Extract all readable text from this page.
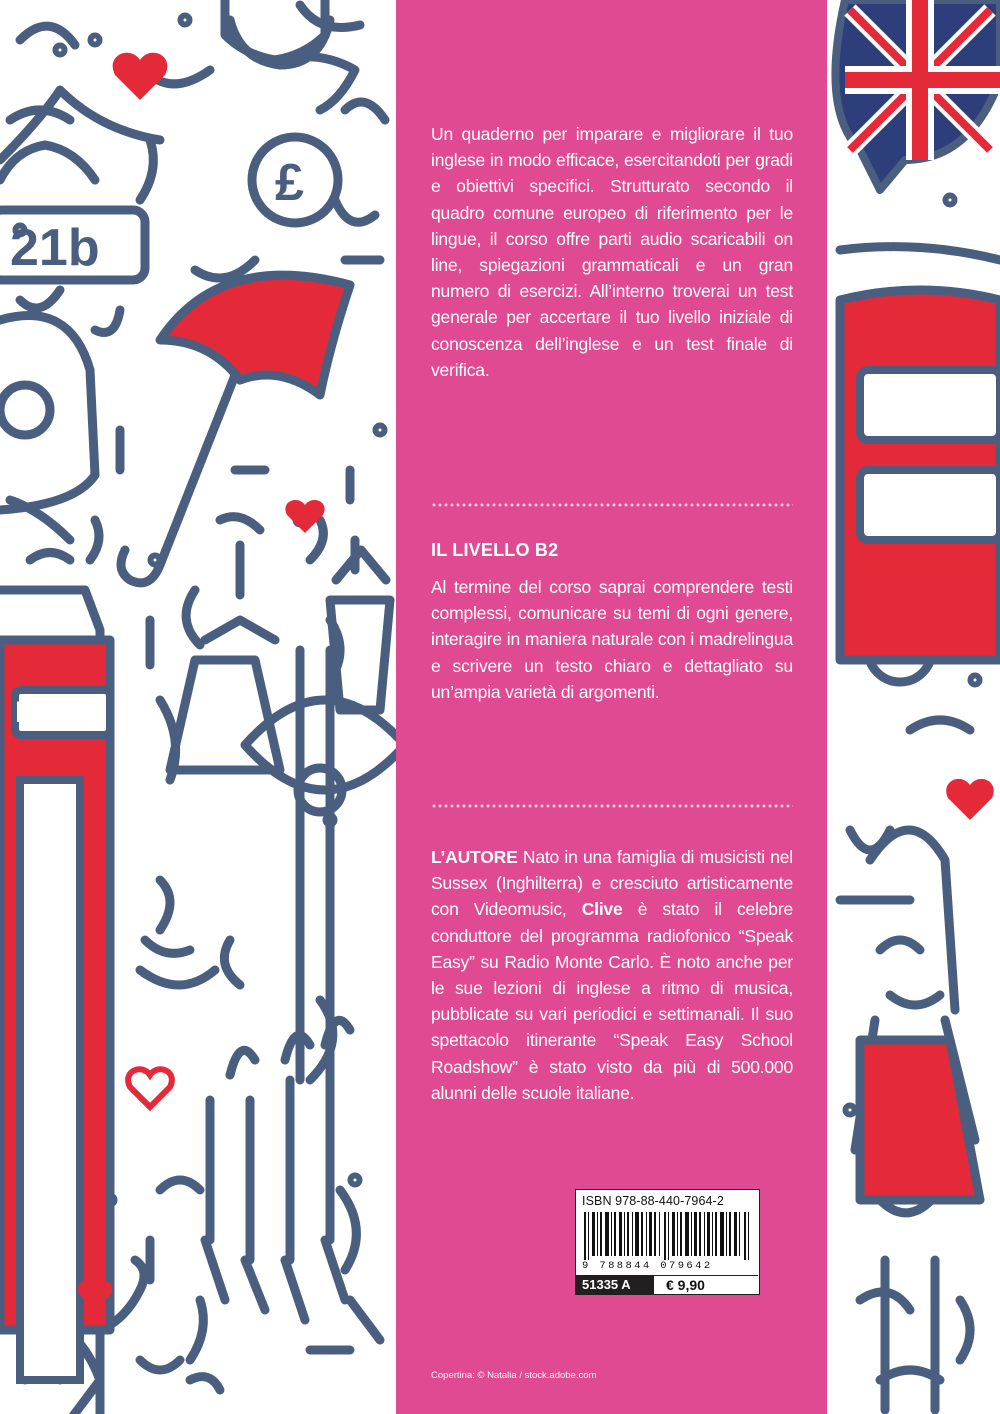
HONE
21b
£

Un quaderno per imparare e migliorare il tuo inglese in modo efficace, esercitandoti per gradi e obiettivi specifici. Strutturato secondo il quadro comune europeo di riferimento per le lingue, il corso offre parti audio scaricabili on line, spiegazioni grammaticali e un gran numero di esercizi. All’interno troverai un test generale per accertare il tuo livello iniziale di conoscenza dell’inglese e un test finale di verifica.

IL LIVELLO B2

Al termine del corso saprai comprendere testi complessi, comunicare su temi di ogni genere, interagire in maniera naturale con i madrelingua e scrivere un testo chiaro e dettagliato su un’ampia varietà di argomenti.

L’AUTORE Nato in una famiglia di musicisti nel Sussex (Inghilterra) e cresciuto artisticamente con Videomusic, Clive è stato il celebre conduttore del programma radiofonico “Speak Easy” su Radio Monte Carlo. È noto anche per le sue lezioni di inglese a ritmo di musica, pubblicate su vari periodici e settimanali. Il suo spettacolo itinerante “Speak Easy School Roadshow” è stato visto da più di 500.000 alunni delle scuole italiane.

ISBN 978-88-440-7964-2
9 788844 079642
51335 A	€ 9,90
Copertina: © Natalia / stock.adobe.com
